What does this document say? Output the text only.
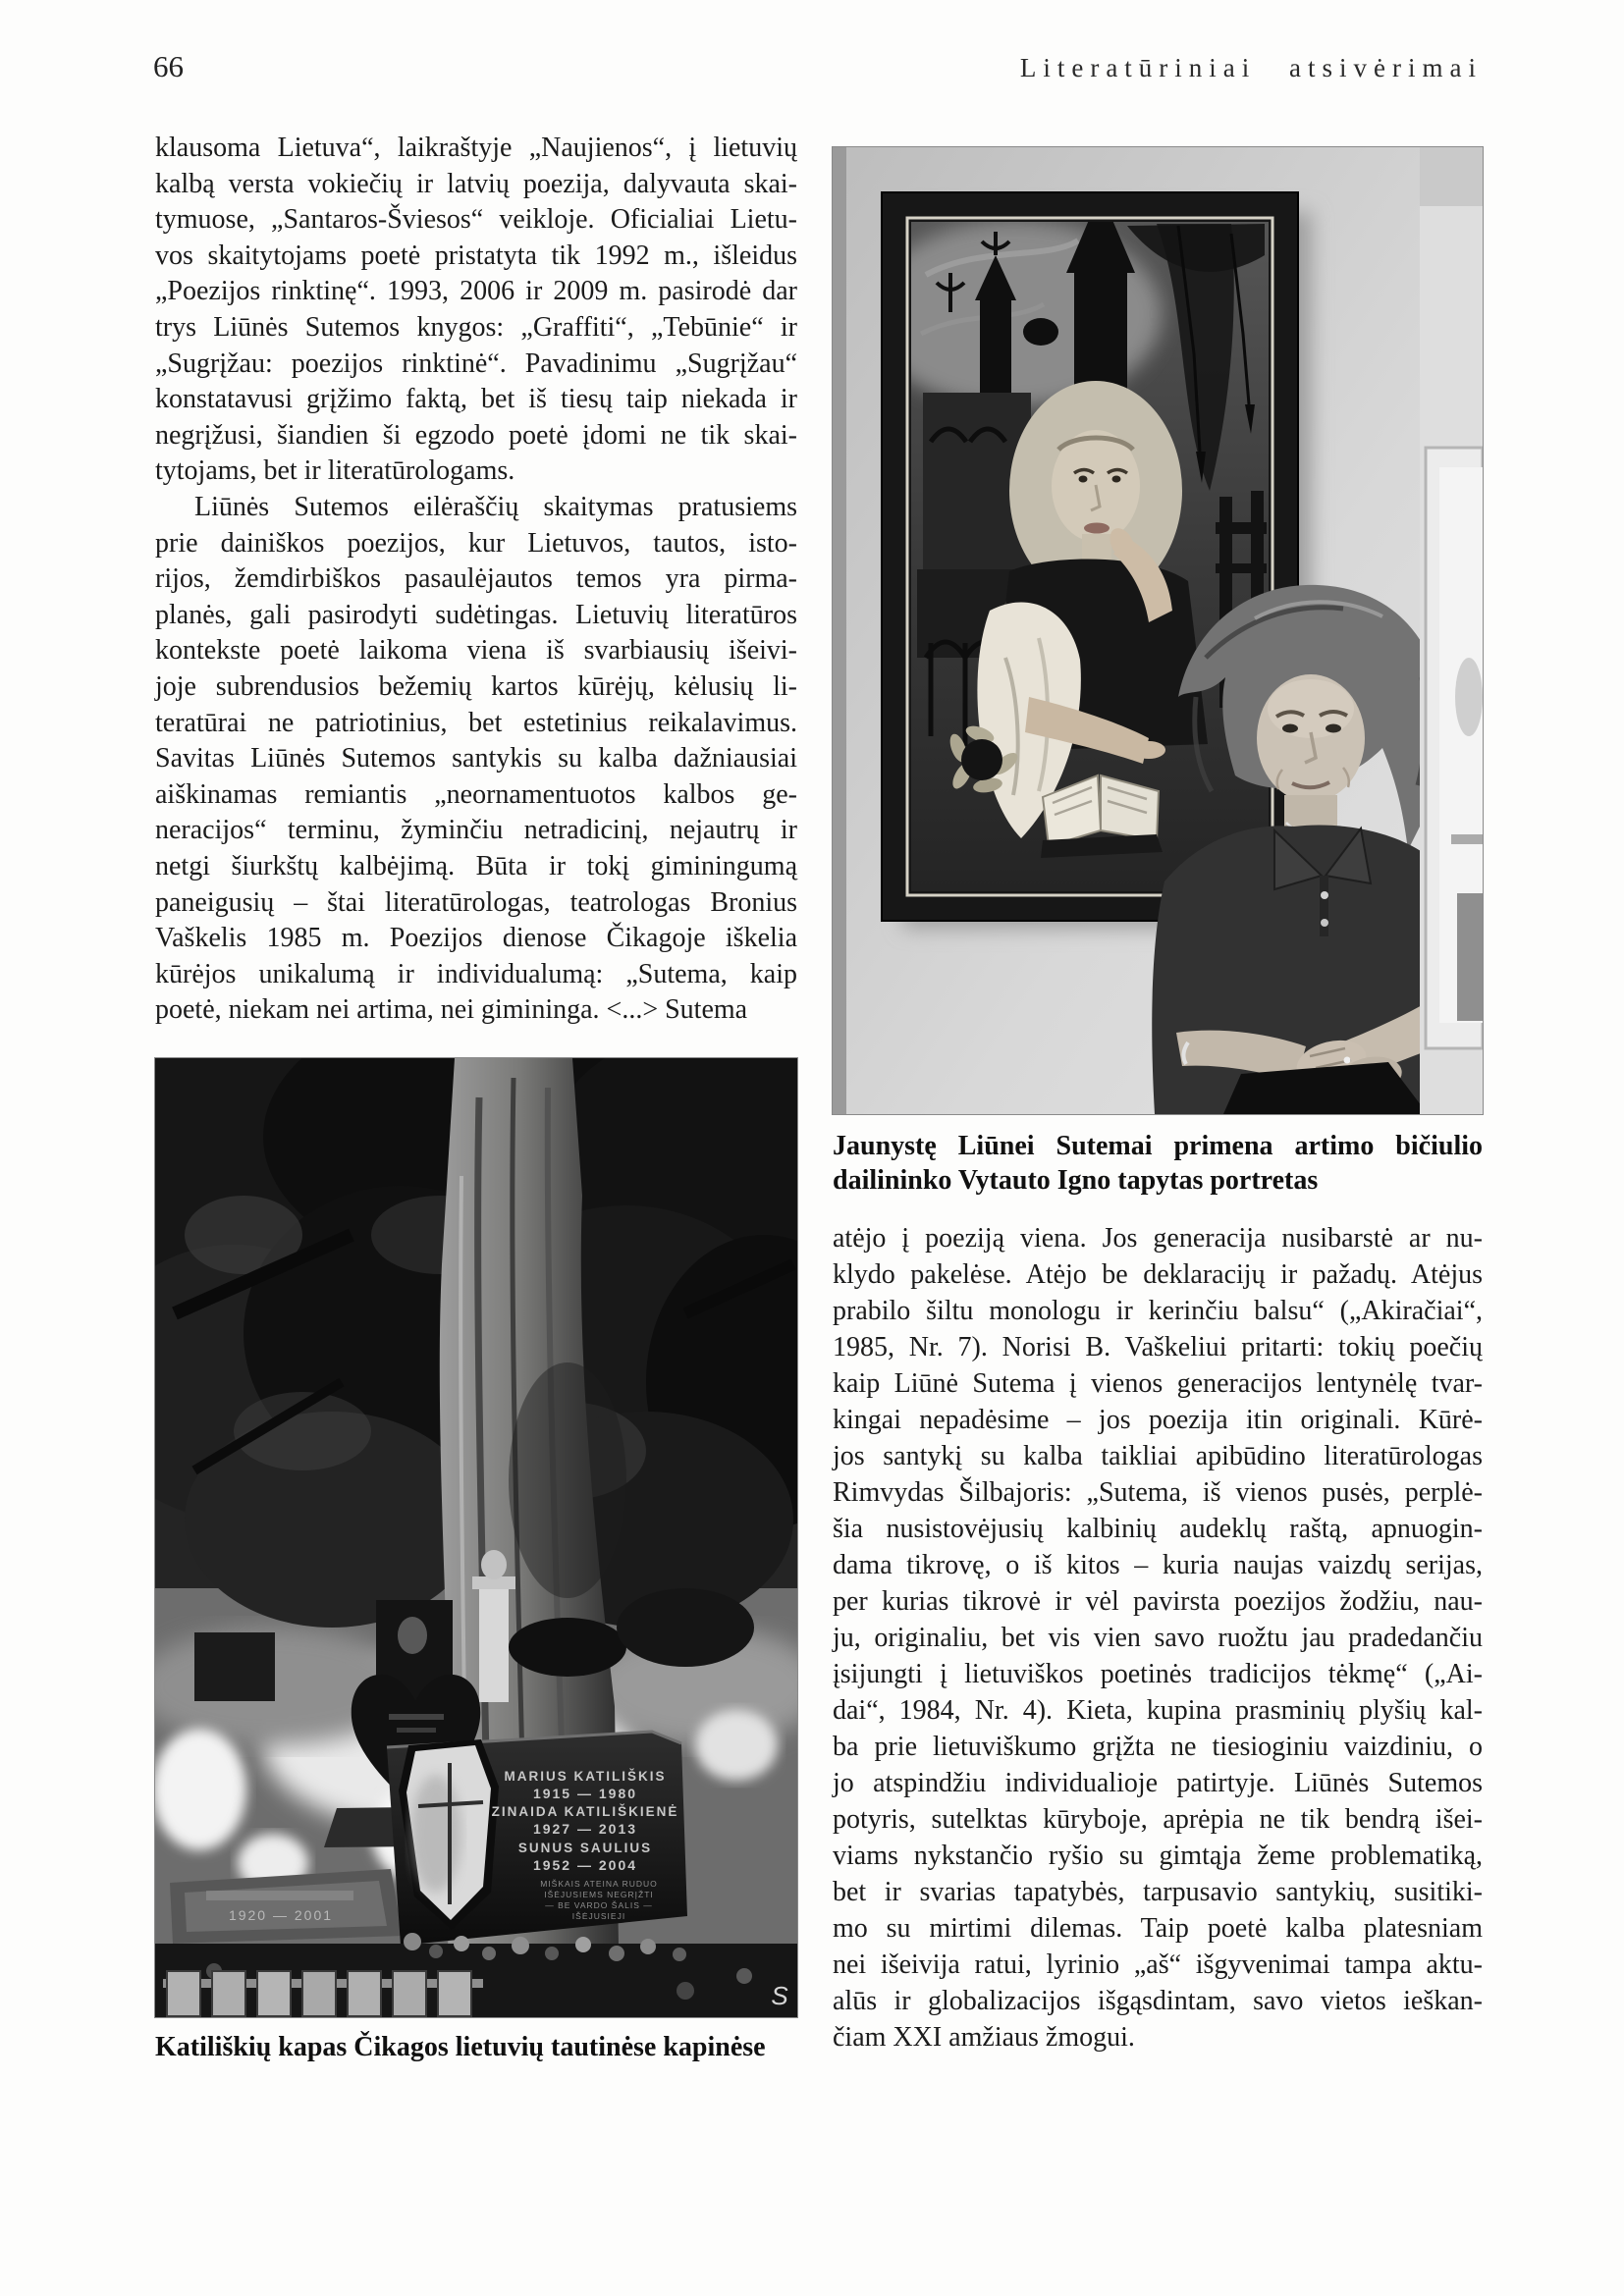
66	Literatūriniai atsivėrimai
klausoma Lietuva“, laikraštyje „Naujienos“, į lietuvių
kalbą versta vokiečių ir latvių poezija, dalyvauta skai-
tymuose, „Santaros-Šviesos“ veikloje. Oficialiai Lietu-
vos skaitytojams poetė pristatyta tik 1992 m., išleidus
„Poezijos rinktinę“. 1993, 2006 ir 2009 m. pasirodė dar
trys Liūnės Sutemos knygos: „Graffiti“, „Tebūnie“ ir
„Sugrįžau: poezijos rinktinė“. Pavadinimu „Sugrįžau“
konstatavusi grįžimo faktą, bet iš tiesų taip niekada ir
negrįžusi, šiandien ši egzodo poetė įdomi ne tik skai-
tytojams, bet ir literatūrologams.
Liūnės Sutemos eilėraščių skaitymas pratusiems
prie dainiškos poezijos, kur Lietuvos, tautos, isto-
rijos, žemdirbiškos pasaulėjautos temos yra pirma-
planės, gali pasirodyti sudėtingas. Lietuvių literatūros
kontekste poetė laikoma viena iš svarbiausių išeivi-
joje subrendusios bežemių kartos kūrėjų, kėlusių li-
teratūrai ne patriotinius, bet estetinius reikalavimus.
Savitas Liūnės Sutemos santykis su kalba dažniausiai
aiškinamas remiantis „neornamentuotos kalbos ge-
neracijos“ terminu, žyminčiu netradicinį, nejautrų ir
netgi šiurkštų kalbėjimą. Būta ir tokį giminingumą
paneigusių – štai literatūrologas, teatrologas Bronius
Vaškelis 1985 m. Poezijos dienose Čikagoje iškelia
kūrėjos unikalumą ir individualumą: „Sutema, kaip
poetė, niekam nei artima, nei gimininga. <...> Sutema
1920 — 2001
MARIUS KATILIŠKIS
1915 — 1980
ZINAIDA KATILIŠKIENĖ
1927 — 2013
SUNUS SAULIUS
1952 — 2004
MIŠKAIS ATEINA RUDUO
IŠĖJUSIEMS NEGRĮŽTI
— BE VARDO ŠALIS —
IŠĖJUSIEJI
S
Katiliškių kapas Čikagos lietuvių tautinėse kapinėse
Jaunystę Liūnei Sutemai primena artimo bičiulio
dailininko Vytauto Igno tapytas portretas
atėjo į poeziją viena. Jos generacija nusibarstė ar nu-
klydo pakelėse. Atėjo be deklaracijų ir pažadų. Atėjus
prabilo šiltu monologu ir kerinčiu balsu“ („Akiračiai“,
1985, Nr. 7). Norisi B. Vaškeliui pritarti: tokių poečių
kaip Liūnė Sutema į vienos generacijos lentynėlę tvar-
kingai nepadėsime – jos poezija itin originali. Kūrė-
jos santykį su kalba taikliai apibūdino literatūrologas
Rimvydas Šilbajoris: „Sutema, iš vienos pusės, perplė-
šia nusistovėjusių kalbinių audeklų raštą, apnuogin-
dama tikrovę, o iš kitos – kuria naujas vaizdų serijas,
per kurias tikrovė ir vėl pavirsta poezijos žodžiu, nau-
ju, originaliu, bet vis vien savo ruožtu jau pradedančiu
įsijungti į lietuviškos poetinės tradicijos tėkmę“ („Ai-
dai“, 1984, Nr. 4). Kieta, kupina prasminių plyšių kal-
ba prie lietuviškumo grįžta ne tiesioginiu vaizdiniu, o
jo atspindžiu individualioje patirtyje. Liūnės Sutemos
potyris, sutelktas kūryboje, aprėpia ne tik bendrą išei-
viams nykstančio ryšio su gimtąja žeme problematiką,
bet ir svarias tapatybės, tarpusavio santykių, susitiki-
mo su mirtimi dilemas. Taip poetė kalba platesniam
nei išeivija ratui, lyrinio „aš“ išgyvenimai tampa aktu-
alūs ir globalizacijos išgąsdintam, savo vietos ieškan-
čiam XXI amžiaus žmogui.
